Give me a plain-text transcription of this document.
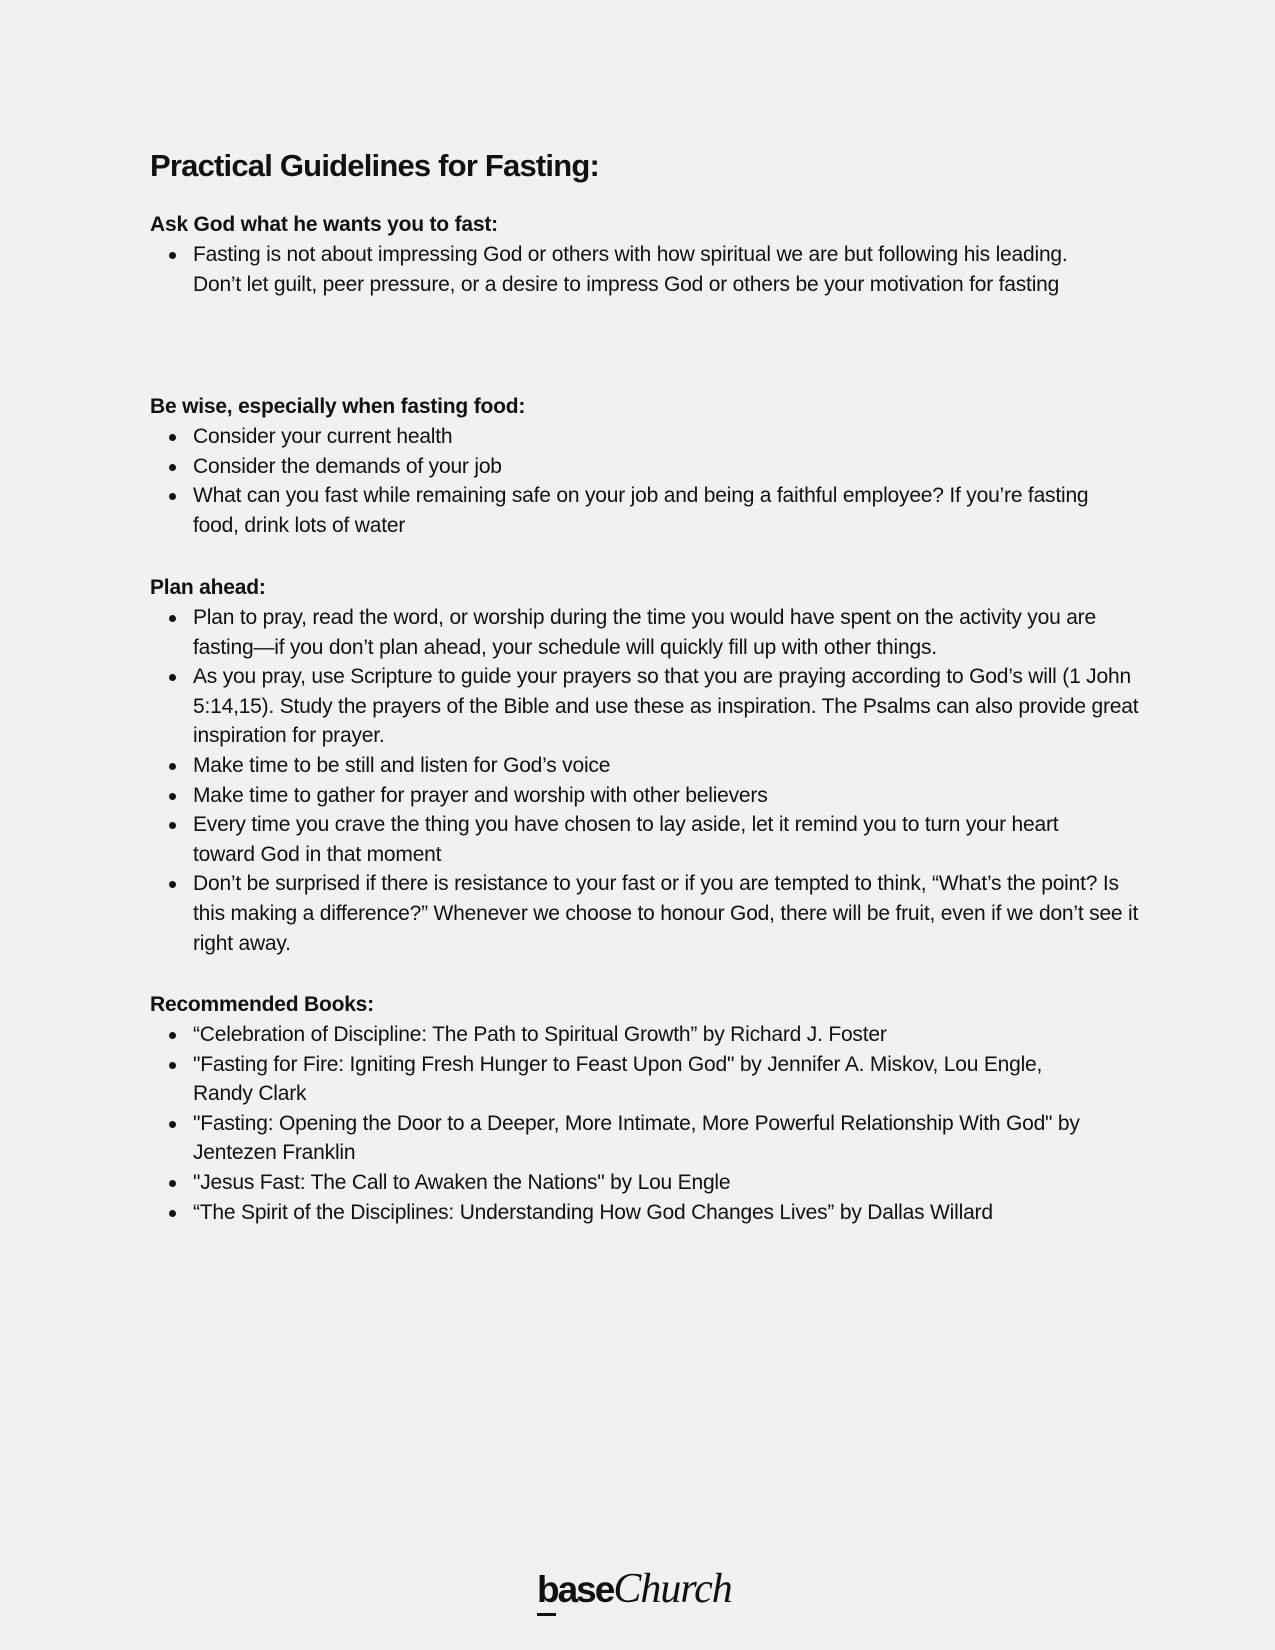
Practical Guidelines for Fasting:
Ask God what he wants you to fast:
Fasting is not about impressing God or others with how spiritual we are but following his leading. Don’t let guilt, peer pressure, or a desire to impress God or others be your motivation for fasting
Be wise, especially when fasting food:
Consider your current health
Consider the demands of your job
What can you fast while remaining safe on your job and being a faithful employee? If you’re fasting food, drink lots of water
Plan ahead:
Plan to pray, read the word, or worship during the time you would have spent on the activity you are fasting—if you don’t plan ahead, your schedule will quickly fill up with other things.
As you pray, use Scripture to guide your prayers so that you are praying according to God’s will (1 John 5:14,15). Study the prayers of the Bible and use these as inspiration. The Psalms can also provide great inspiration for prayer.
Make time to be still and listen for God’s voice
Make time to gather for prayer and worship with other believers
Every time you crave the thing you have chosen to lay aside, let it remind you to turn your heart toward God in that moment
Don’t be surprised if there is resistance to your fast or if you are tempted to think, “What’s the point? Is this making a difference?” Whenever we choose to honour God, there will be fruit, even if we don’t see it right away.
Recommended Books:
“Celebration of Discipline: The Path to Spiritual Growth” by Richard J. Foster
"Fasting for Fire: Igniting Fresh Hunger to Feast Upon God" by Jennifer A. Miskov, Lou Engle, Randy Clark
"Fasting: Opening the Door to a Deeper, More Intimate, More Powerful Relationship With God" by Jentezen Franklin
"Jesus Fast: The Call to Awaken the Nations" by Lou Engle
“The Spirit of the Disciplines: Understanding How God Changes Lives” by Dallas Willard
baseChurch
